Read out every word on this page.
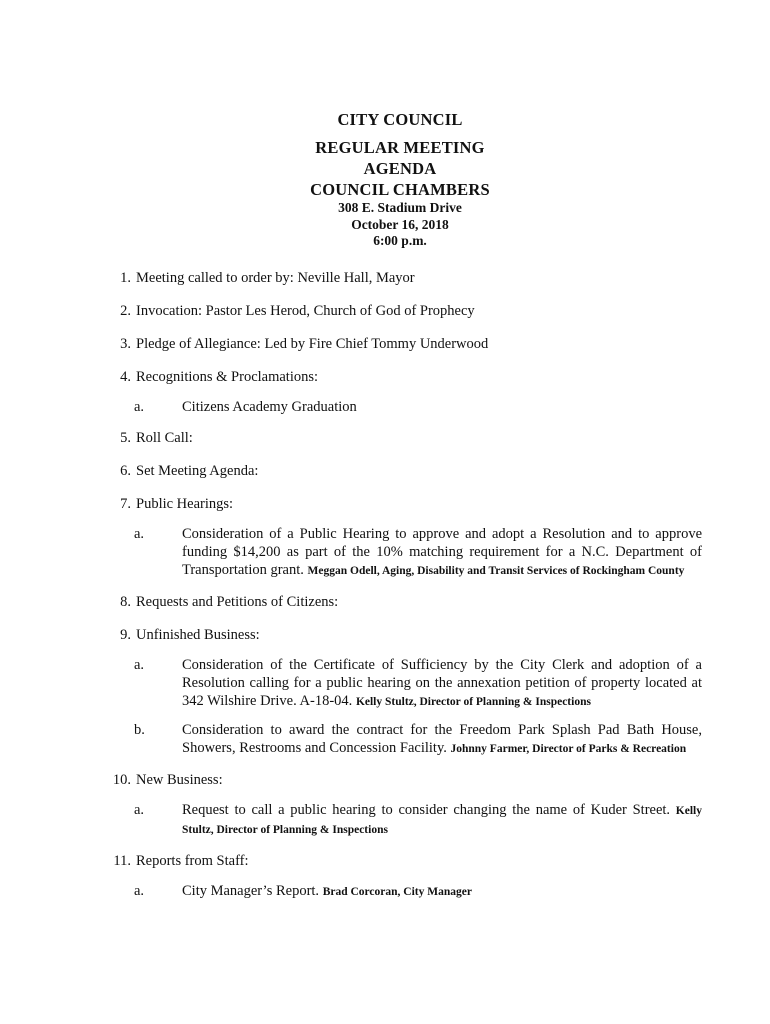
CITY COUNCIL
REGULAR MEETING
AGENDA
COUNCIL CHAMBERS
308 E. Stadium Drive
October 16, 2018
6:00 p.m.
1. Meeting called to order by: Neville Hall, Mayor
2. Invocation: Pastor Les Herod, Church of God of Prophecy
3. Pledge of Allegiance: Led by Fire Chief Tommy Underwood
4. Recognitions & Proclamations:
a.	Citizens Academy Graduation
5. Roll Call:
6. Set Meeting Agenda:
7. Public Hearings:
a.	Consideration of a Public Hearing to approve and adopt a Resolution and to approve funding $14,200 as part of the 10% matching requirement for a N.C. Department of Transportation grant. Meggan Odell, Aging, Disability and Transit Services of Rockingham County
8. Requests and Petitions of Citizens:
9. Unfinished Business:
a.	Consideration of the Certificate of Sufficiency by the City Clerk and adoption of a Resolution calling for a public hearing on the annexation petition of property located at 342 Wilshire Drive. A-18-04. Kelly Stultz, Director of Planning & Inspections
b.	Consideration to award the contract for the Freedom Park Splash Pad Bath House, Showers, Restrooms and Concession Facility. Johnny Farmer, Director of Parks & Recreation
10. New Business:
a.	Request to call a public hearing to consider changing the name of Kuder Street. Kelly Stultz, Director of Planning & Inspections
11. Reports from Staff:
a.	City Manager’s Report. Brad Corcoran, City Manager
